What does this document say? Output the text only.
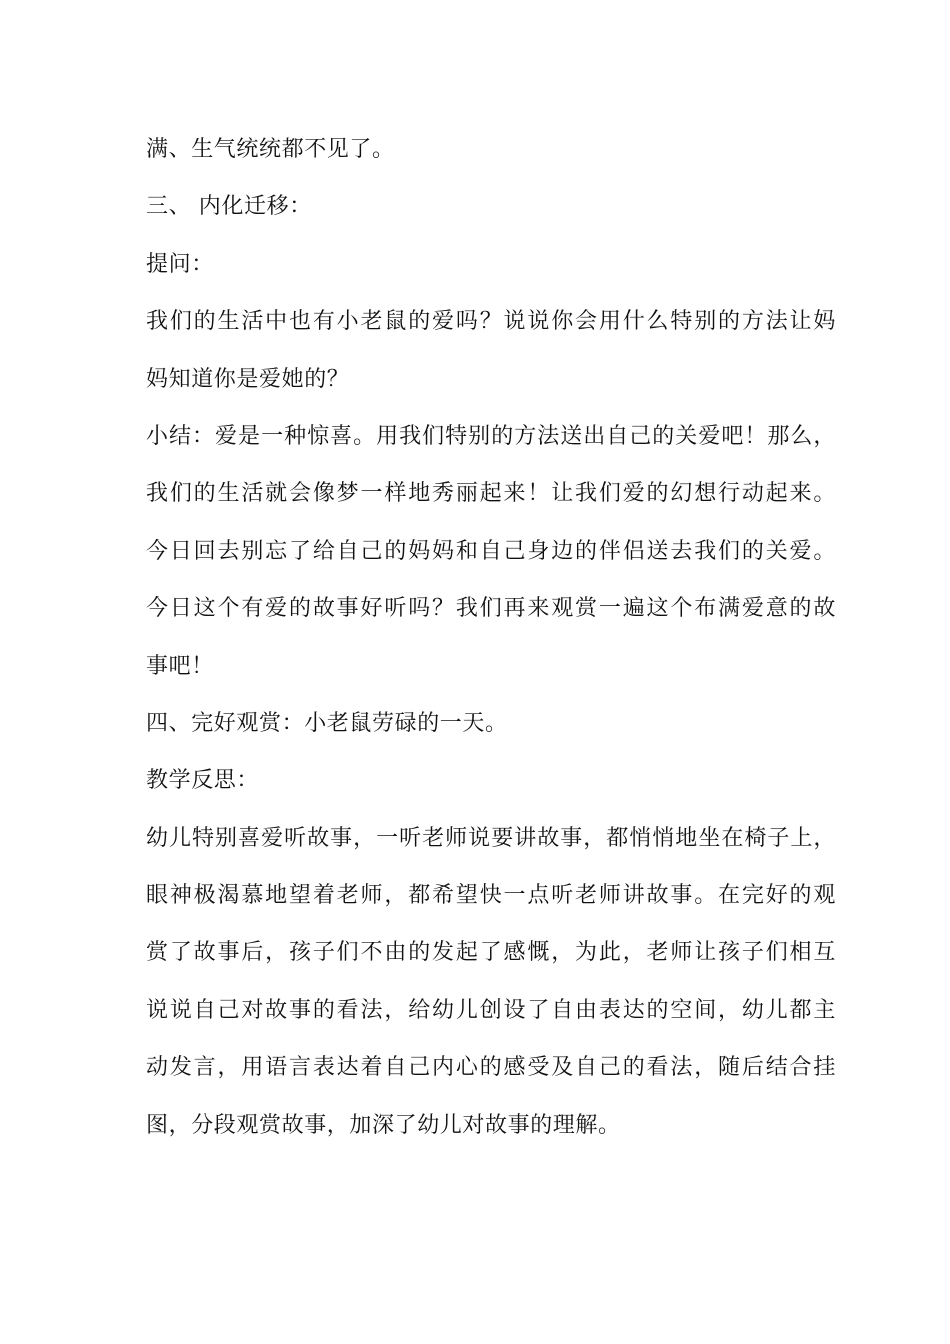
满、生气统统都不见了。
三、 内化迁移：
提问：
我们的生活中也有小老鼠的爱吗？说说你会用什么特别的方法让妈
妈知道你是爱她的？
小结：爱是一种惊喜。用我们特别的方法送出自己的关爱吧！那么，
我们的生活就会像梦一样地秀丽起来！让我们爱的幻想行动起来。
今日回去别忘了给自己的妈妈和自己身边的伴侣送去我们的关爱。
今日这个有爱的故事好听吗？我们再来观赏一遍这个布满爱意的故
事吧！
四、完好观赏：小老鼠劳碌的一天。
教学反思：
幼儿特别喜爱听故事，一听老师说要讲故事，都悄悄地坐在椅子上，
眼神极渴慕地望着老师，都希望快一点听老师讲故事。在完好的观
赏了故事后，孩子们不由的发起了感慨，为此，老师让孩子们相互
说说自己对故事的看法，给幼儿创设了自由表达的空间，幼儿都主
动发言，用语言表达着自己内心的感受及自己的看法，随后结合挂
图，分段观赏故事，加深了幼儿对故事的理解。
